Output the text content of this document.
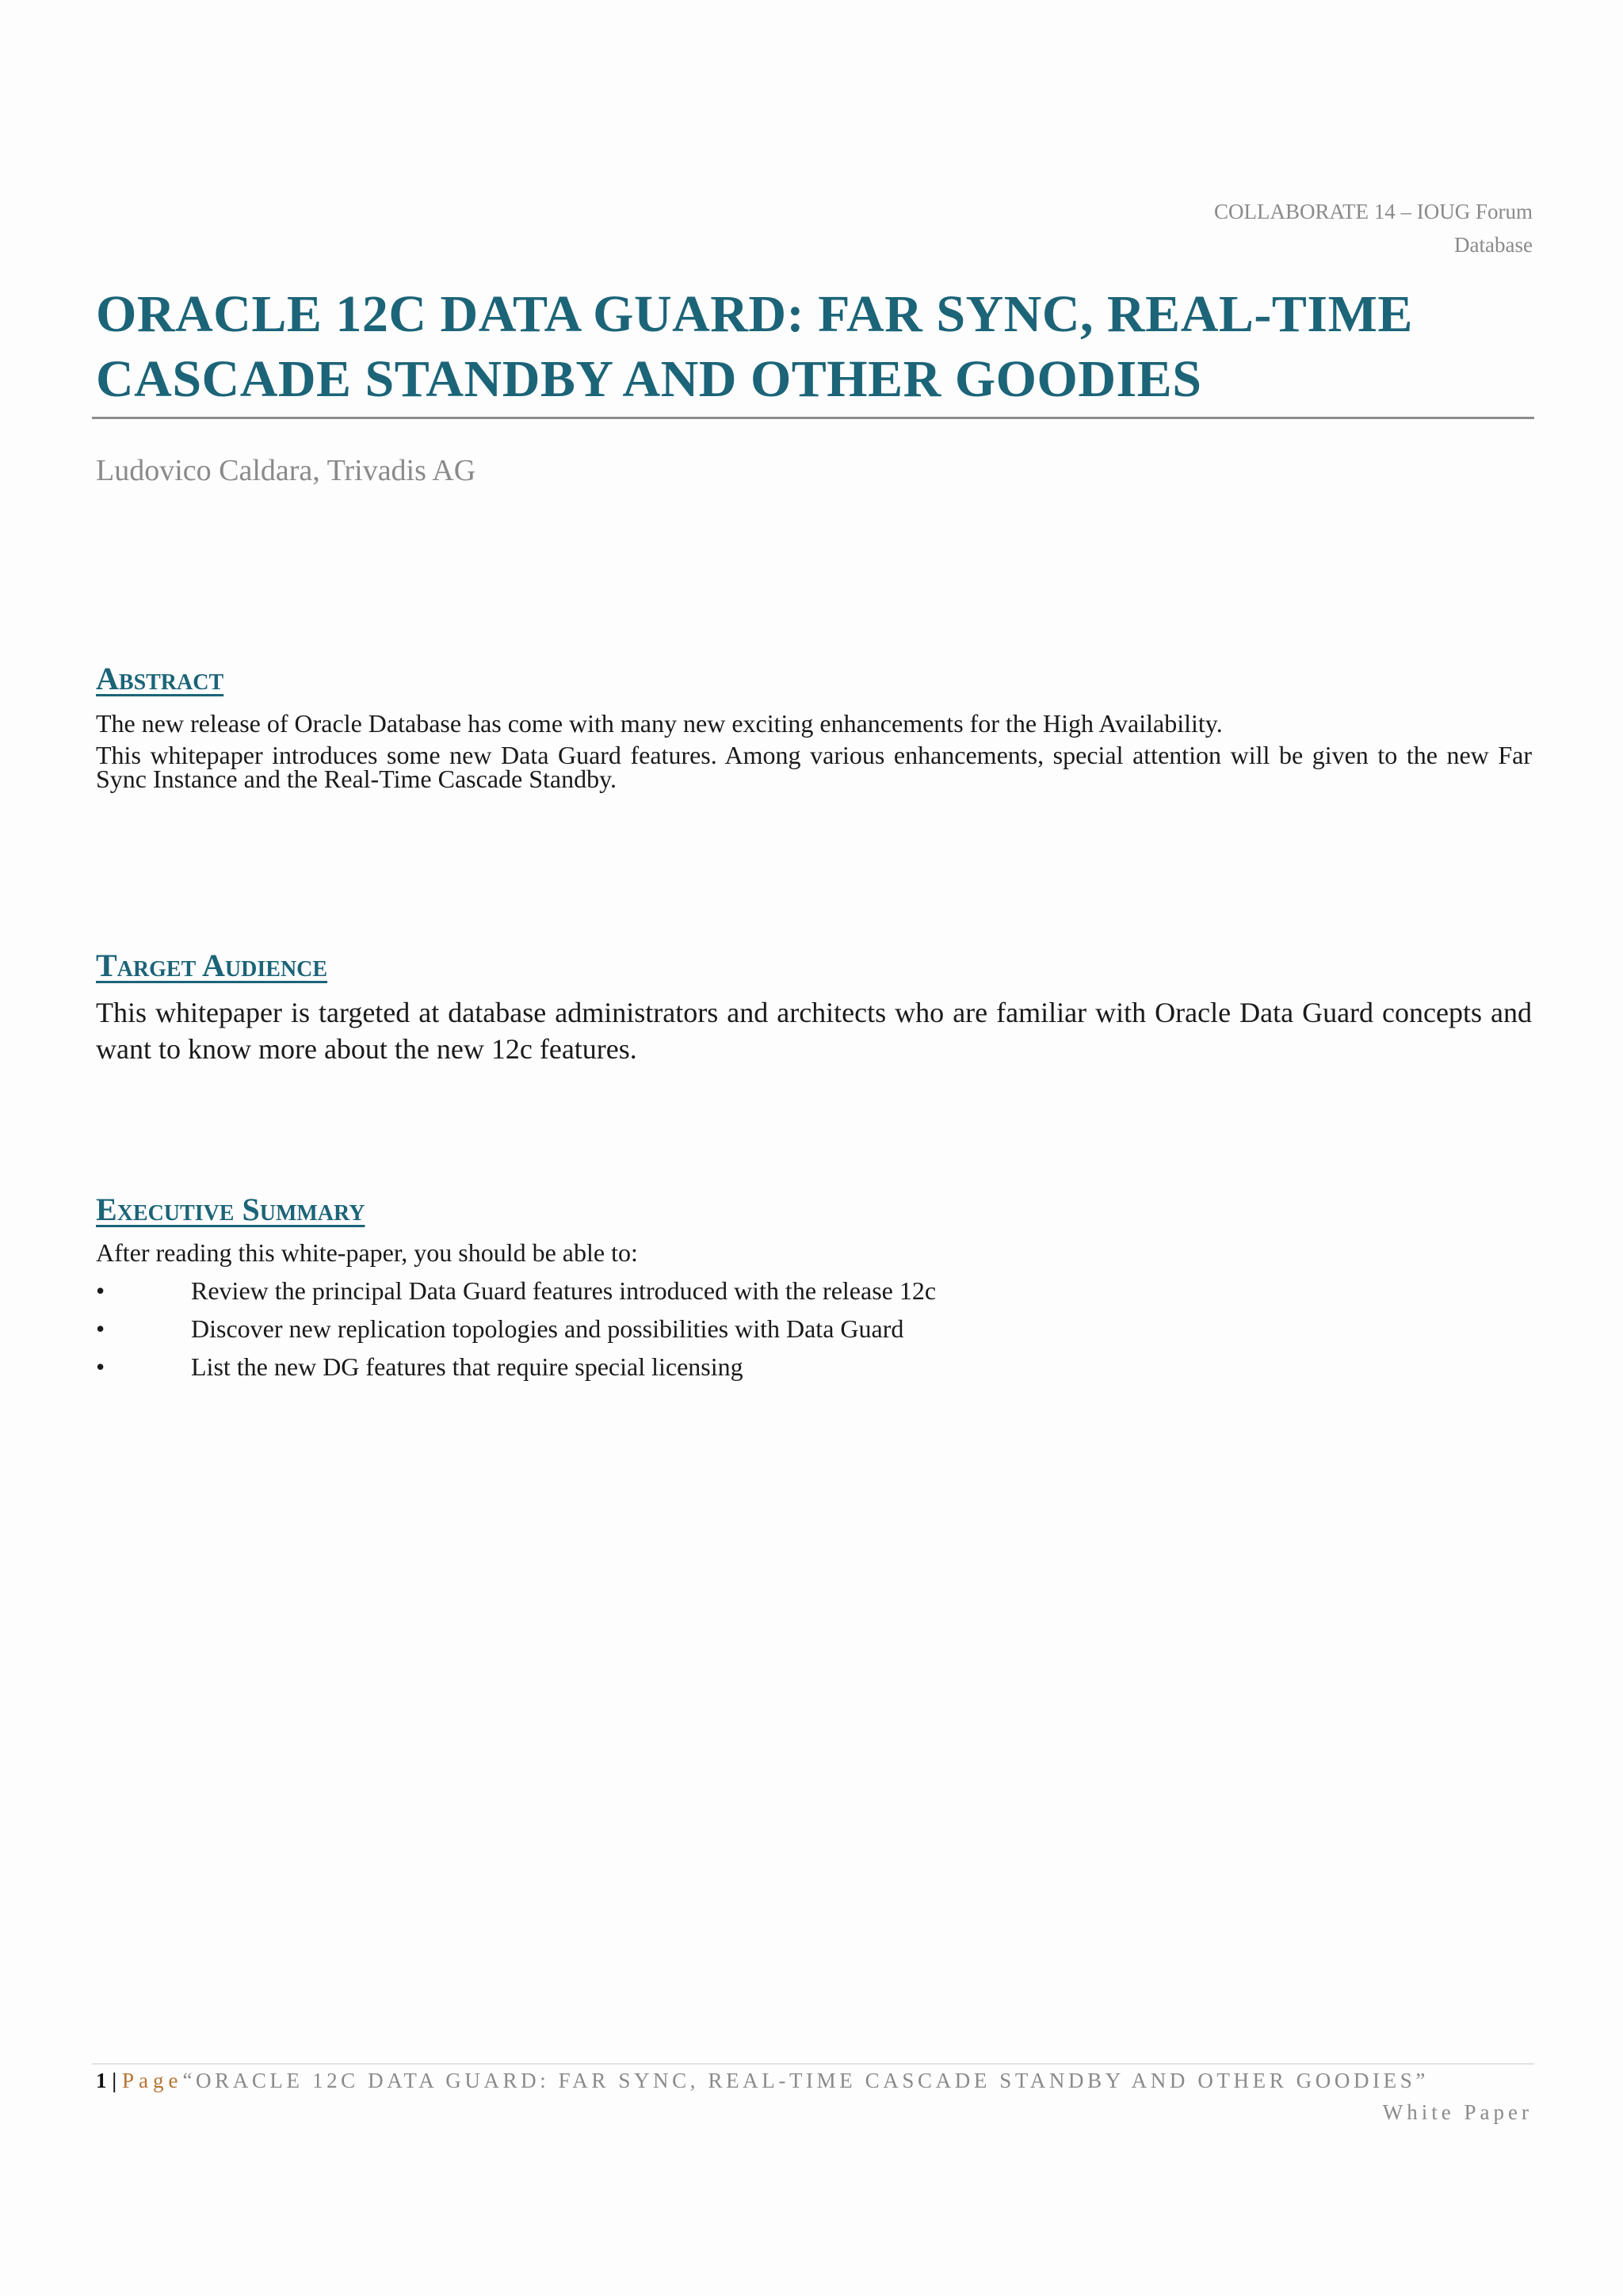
COLLABORATE 14 – IOUG Forum
Database
ORACLE 12C DATA GUARD: FAR SYNC, REAL-TIME
CASCADE STANDBY AND OTHER GOODIES
Ludovico Caldara, Trivadis AG
Abstract

The new release of Oracle Database has come with many new exciting enhancements for the High Availability.

This whitepaper introduces some new Data Guard features. Among various enhancements, special attention will be given to the new Far Sync Instance and the Real-Time Cascade Standby.

Target Audience

This whitepaper is targeted at database administrators and architects who are familiar with Oracle Data Guard concepts and want to know more about the new 12c features.

Executive Summary

After reading this white-paper, you should be able to:

•	Review the principal Data Guard features introduced with the release 12c
•	Discover new replication topologies and possibilities with Data Guard
•	List the new DG features that require special licensing
1 | Page“ORACLE 12C DATA GUARD: FAR SYNC, REAL-TIME CASCADE STANDBY AND OTHER GOODIES”
White Paper
